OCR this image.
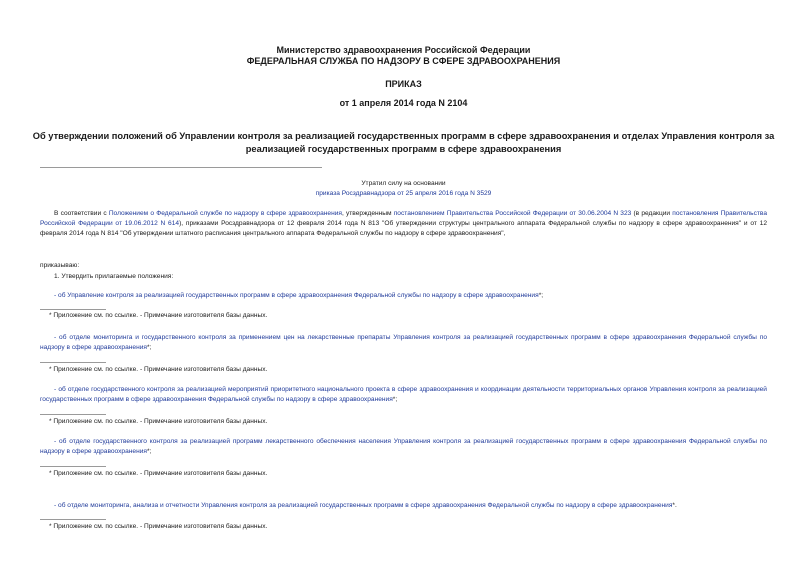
Министерство здравоохранения Российской Федерации
ФЕДЕРАЛЬНАЯ СЛУЖБА ПО НАДЗОРУ В СФЕРЕ ЗДРАВООХРАНЕНИЯ
ПРИКАЗ
от 1 апреля 2014 года N 2104
Об утверждении положений об Управлении контроля за реализацией государственных программ в сфере здравоохранения и отделах Управления контроля за реализацией государственных программ в сфере здравоохранения
Утратил силу на основании
приказа Росздравнадзора от 25 апреля 2016 года N 3529
В соответствии с Положением о Федеральной службе по надзору в сфере здравоохранения, утвержденным постановлением Правительства Российской Федерации от 30.06.2004 N 323 (в редакции постановления Правительства Российской Федерации от 19.06.2012 N 614), приказами Росздравнадзора от 12 февраля 2014 года N 813 "Об утверждении структуры центрального аппарата Федеральной службы по надзору в сфере здравоохранения" и от 12 февраля 2014 года N 814 "Об утверждении штатного расписания центрального аппарата Федеральной службы по надзору в сфере здравоохранения",
приказываю:
1. Утвердить прилагаемые положения:
- об Управление контроля за реализацией государственных программ в сфере здравоохранения Федеральной службы по надзору в сфере здравоохранения*;
* Приложение см. по ссылке. - Примечание изготовителя базы данных.
- об отделе мониторинга и государственного контроля за применением цен на лекарственные препараты Управления контроля за реализацией государственных программ в сфере здравоохранения Федеральной службы по надзору в сфере здравоохранения*;
* Приложение см. по ссылке. - Примечание изготовителя базы данных.
- об отделе государственного контроля за реализацией мероприятий приоритетного национального проекта в сфере здравоохранения и координации деятельности территориальных органов Управления контроля за реализацией государственных программ в сфере здравоохранения Федеральной службы по надзору в сфере здравоохранения*;
* Приложение см. по ссылке. - Примечание изготовителя базы данных.
- об отделе государственного контроля за реализацией программ лекарственного обеспечения населения Управления контроля за реализацией государственных программ в сфере здравоохранения Федеральной службы по надзору в сфере здравоохранения*;
* Приложение см. по ссылке. - Примечание изготовителя базы данных.
- об отделе мониторинга, анализа и отчетности Управления контроля за реализацией государственных программ в сфере здравоохранения Федеральной службы по надзору в сфере здравоохранения*.
* Приложение см. по ссылке. - Примечание изготовителя базы данных.
